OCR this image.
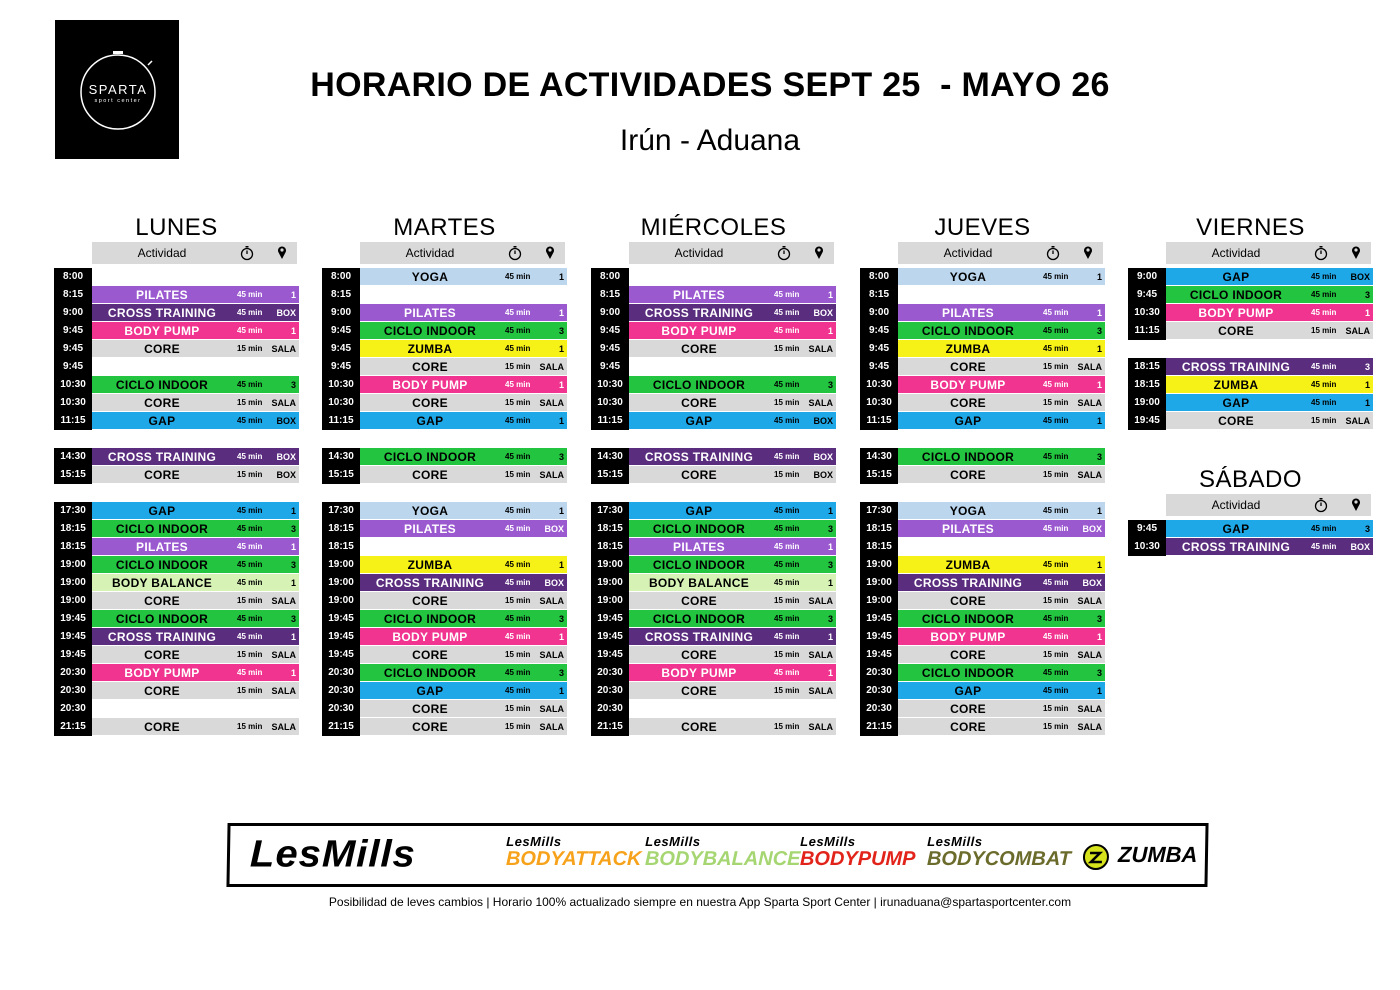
SPARTA
sport center	HORARIO DE ACTIVIDADES SEPT 25  - MAYO 26
Irún - Aduana
LUNES
Actividad
8:00
8:15	PILATES	45 min	1
9:00	CROSS TRAINING	45 min BOX
9:45	BODY PUMP	45 min	1
9:45	CORE	15 min SALA
9:45
10:30	CICLO INDOOR	45 min	3
10:30	CORE	15 min SALA
11:15	GAP	45 min BOX
14:30	CROSS TRAINING	45 min BOX
15:15	CORE	15 min BOX
17:30	GAP	45 min	1
18:15	CICLO INDOOR	45 min	3
18:15	PILATES	45 min	1
19:00	CICLO INDOOR	45 min	3
19:00	BODY BALANCE	45 min	1
19:00	CORE	15 min SALA
19:45	CICLO INDOOR	45 min	3
19:45	CROSS TRAINING	45 min	1
19:45	CORE	15 min SALA
20:30	BODY PUMP	45 min	1
20:30	CORE	15 min SALA
20:30
21:15	CORE	15 min SALA
MARTES
Actividad
8:00	YOGA	45 min	1
8:15
9:00	PILATES	45 min	1
9:45	CICLO INDOOR	45 min	3
9:45	ZUMBA	45 min	1
9:45	CORE	15 min SALA
10:30	BODY PUMP	45 min	1
10:30	CORE	15 min SALA
11:15	GAP	45 min	1
14:30	CICLO INDOOR	45 min	3
15:15	CORE	15 min SALA
17:30	YOGA	45 min	1
18:15	PILATES	45 min BOX
18:15
19:00	ZUMBA	45 min	1
19:00	CROSS TRAINING	45 min BOX
19:00	CORE	15 min SALA
19:45	CICLO INDOOR	45 min	3
19:45	BODY PUMP	45 min	1
19:45	CORE	15 min SALA
20:30	CICLO INDOOR	45 min	3
20:30	GAP	45 min	1
20:30	CORE	15 min SALA
21:15	CORE	15 min SALA
MIÉRCOLES
Actividad
8:00
8:15	PILATES	45 min	1
9:00	CROSS TRAINING	45 min BOX
9:45	BODY PUMP	45 min	1
9:45	CORE	15 min SALA
9:45
10:30	CICLO INDOOR	45 min	3
10:30	CORE	15 min SALA
11:15	GAP	45 min BOX
14:30	CROSS TRAINING	45 min BOX
15:15	CORE	15 min BOX
17:30	GAP	45 min	1
18:15	CICLO INDOOR	45 min	3
18:15	PILATES	45 min	1
19:00	CICLO INDOOR	45 min	3
19:00	BODY BALANCE	45 min	1
19:00	CORE	15 min SALA
19:45	CICLO INDOOR	45 min	3
19:45	CROSS TRAINING	45 min	1
19:45	CORE	15 min SALA
20:30	BODY PUMP	45 min	1
20:30	CORE	15 min SALA
20:30
21:15	CORE	15 min SALA
JUEVES
Actividad
8:00	YOGA	45 min	1
8:15
9:00	PILATES	45 min	1
9:45	CICLO INDOOR	45 min	3
9:45	ZUMBA	45 min	1
9:45	CORE	15 min SALA
10:30	BODY PUMP	45 min	1
10:30	CORE	15 min SALA
11:15	GAP	45 min	1
14:30	CICLO INDOOR	45 min	3
15:15	CORE	15 min SALA
17:30	YOGA	45 min	1
18:15	PILATES	45 min BOX
18:15
19:00	ZUMBA	45 min	1
19:00	CROSS TRAINING	45 min BOX
19:00	CORE	15 min SALA
19:45	CICLO INDOOR	45 min	3
19:45	BODY PUMP	45 min	1
19:45	CORE	15 min SALA
20:30	CICLO INDOOR	45 min	3
20:30	GAP	45 min	1
20:30	CORE	15 min SALA
21:15	CORE	15 min SALA
VIERNES
Actividad
9:00	GAP	45 min BOX
9:45	CICLO INDOOR	45 min	3
10:30	BODY PUMP	45 min	1
11:15	CORE	15 min SALA
18:15	CROSS TRAINING	45 min	3
18:15	ZUMBA	45 min	1
19:00	GAP	45 min	1
19:45	CORE	15 min SALA
SÁBADO
Actividad
9:45	GAP	45 min	3
10:30	CROSS TRAINING	45 min BOX
LesMills	LesMills
BODYATTACK
LesMills
BODYBALANCE
LesMills
BODYPUMP
LesMills
BODYCOMBAT ZUMBA
Posibilidad de leves cambios | Horario 100% actualizado siempre en nuestra App Sparta Sport Center | irunaduana@spartasportcenter.com
